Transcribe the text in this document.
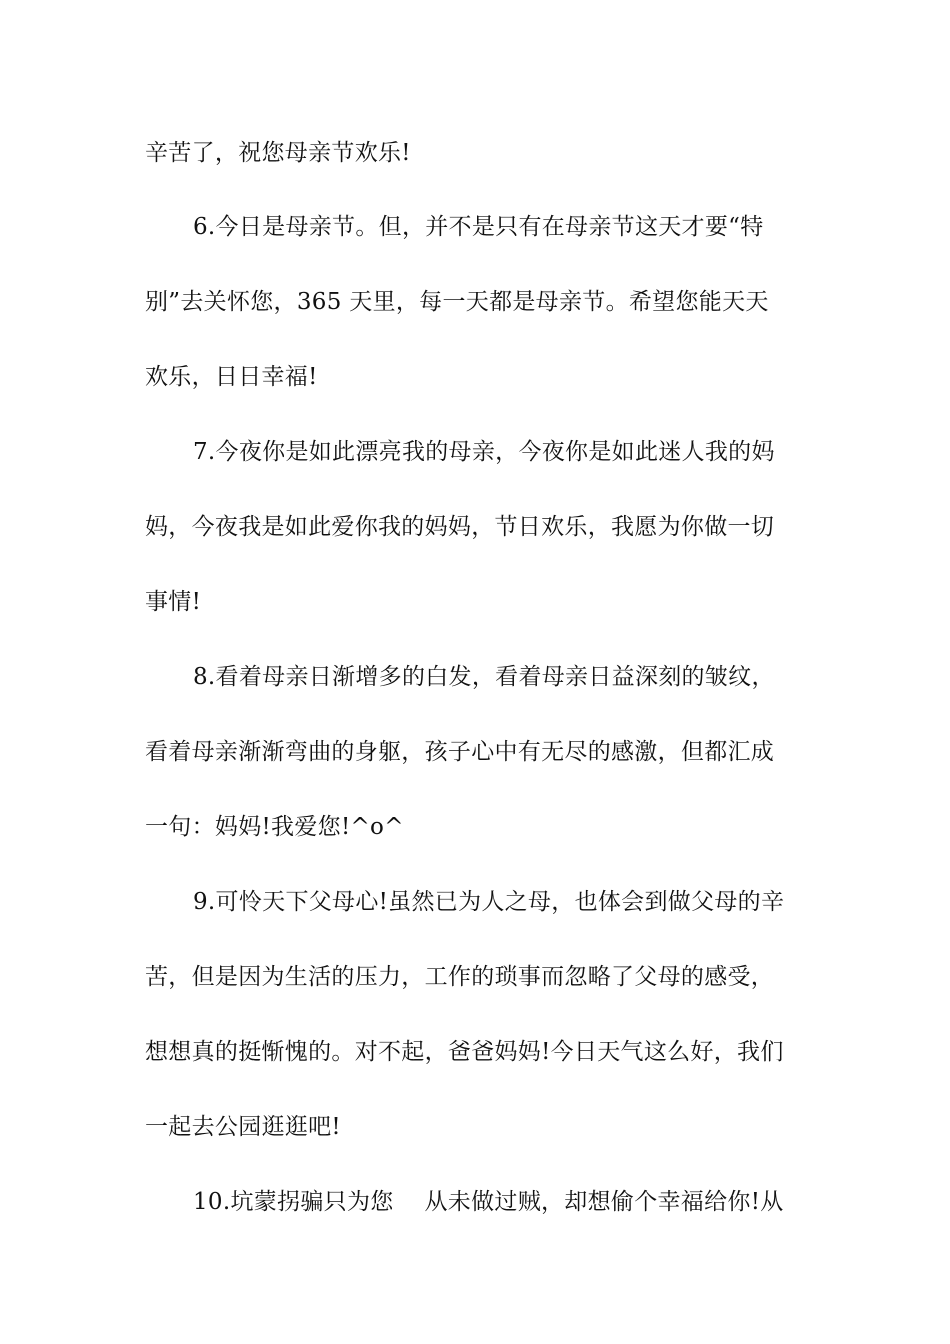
辛苦了，祝您母亲节欢乐!
6.今日是母亲节。但，并不是只有在母亲节这天才要“特
别”去关怀您，365 天里，每一天都是母亲节。希望您能天天
欢乐，日日幸福!
7.今夜你是如此漂亮我的母亲，今夜你是如此迷人我的妈
妈，今夜我是如此爱你我的妈妈，节日欢乐，我愿为你做一切
事情!
8.看着母亲日渐增多的白发，看着母亲日益深刻的皱纹，
看着母亲渐渐弯曲的身躯，孩子心中有无尽的感激，但都汇成
一句：妈妈!我爱您!^o^
9.可怜天下父母心!虽然已为人之母，也体会到做父母的辛
苦，但是因为生活的压力，工作的琐事而忽略了父母的感受，
想想真的挺惭愧的。对不起，爸爸妈妈!今日天气这么好，我们
一起去公园逛逛吧!
10.坑蒙拐骗只为您　 从未做过贼，却想偷个幸福给你!从
